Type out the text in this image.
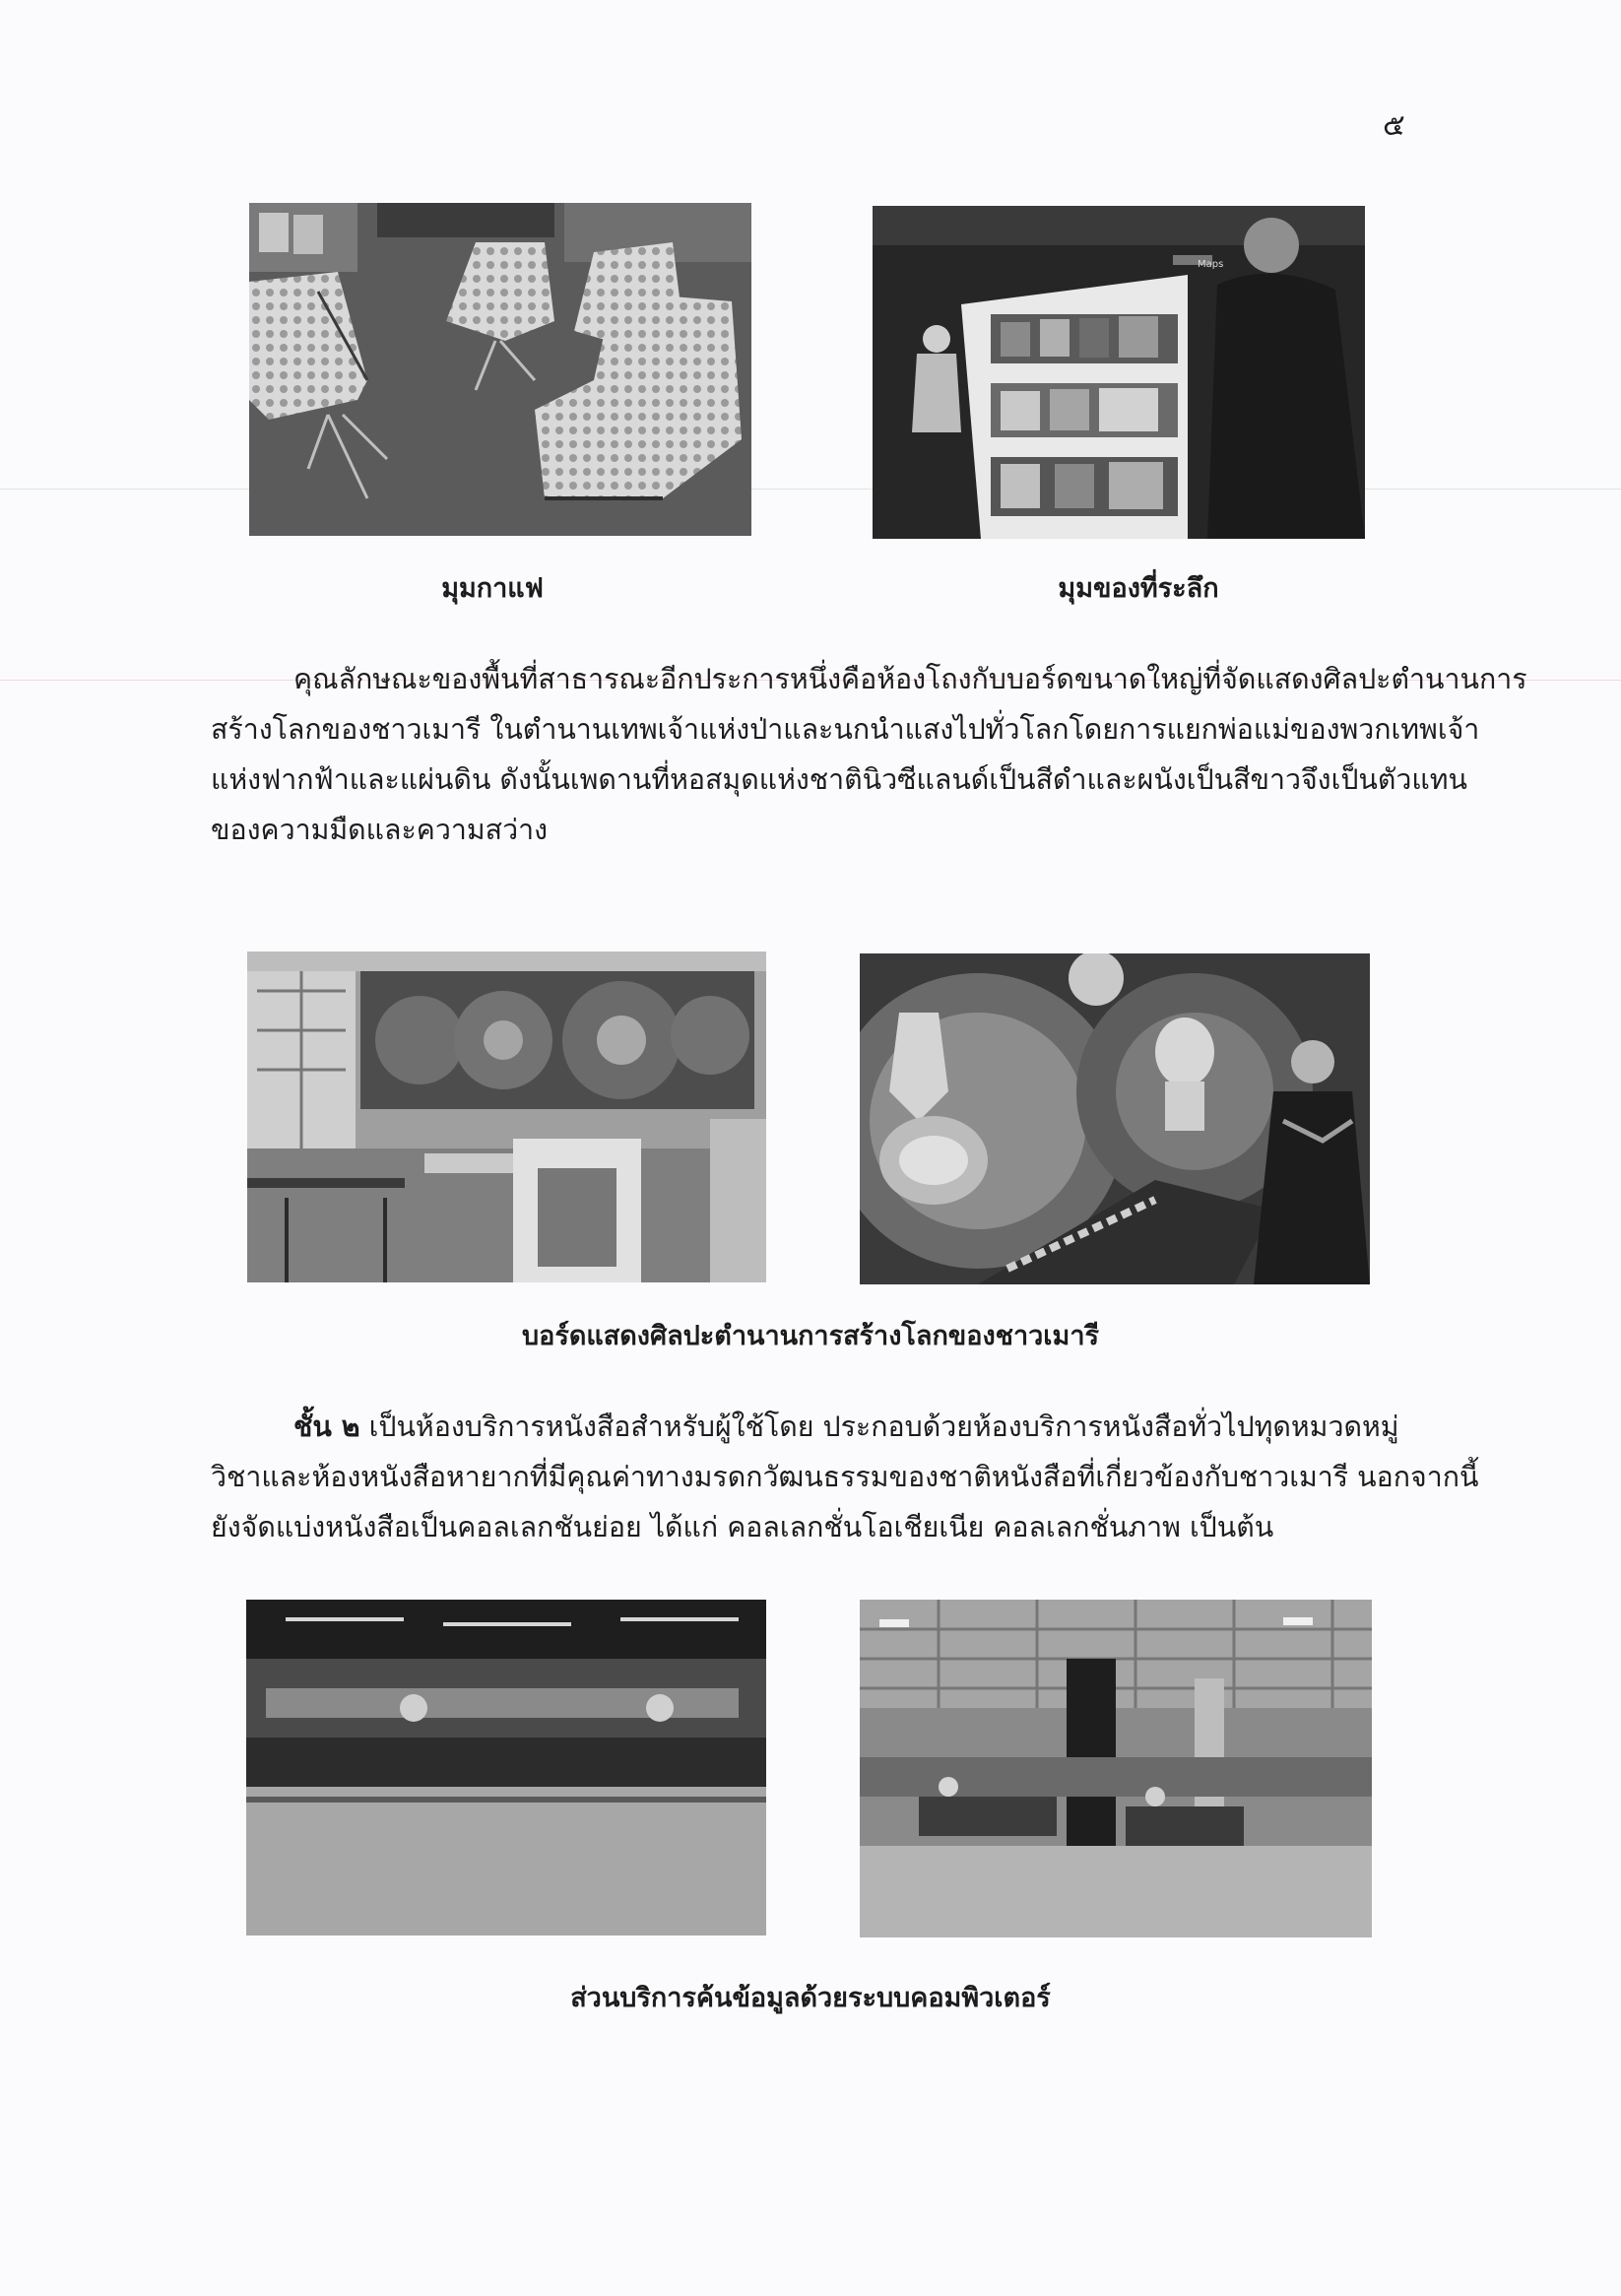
๕
Maps
มุมกาแฟ	มุมของที่ระลึก
คุณลักษณะของพื้นที่สาธารณะอีกประการหนึ่งคือห้องโถงกับบอร์ดขนาดใหญ่ที่จัดแสดงศิลปะตำนานการ
สร้างโลกของชาวเมารี ในตำนานเทพเจ้าแห่งป่าและนกนำแสงไปทั่วโลกโดยการแยกพ่อแม่ของพวกเทพเจ้า
แห่งฟากฟ้าและแผ่นดิน ดังนั้นเพดานที่หอสมุดแห่งชาตินิวซีแลนด์เป็นสีดำและผนังเป็นสีขาวจึงเป็นตัวแทน
ของความมืดและความสว่าง
บอร์ดแสดงศิลปะตำนานการสร้างโลกของชาวเมารี
ชั้น ๒ เป็นห้องบริการหนังสือสำหรับผู้ใช้โดย ประกอบด้วยห้องบริการหนังสือทั่วไปทุดหมวดหมู่
วิชาและห้องหนังสือหายากที่มีคุณค่าทางมรดกวัฒนธรรมของชาติหนังสือที่เกี่ยวข้องกับชาวเมารี นอกจากนี้
ยังจัดแบ่งหนังสือเป็นคอลเลกชันย่อย ได้แก่ คอลเลกชั่นโอเชียเนีย คอลเลกชั่นภาพ เป็นต้น
ส่วนบริการค้นข้อมูลด้วยระบบคอมพิวเตอร์
